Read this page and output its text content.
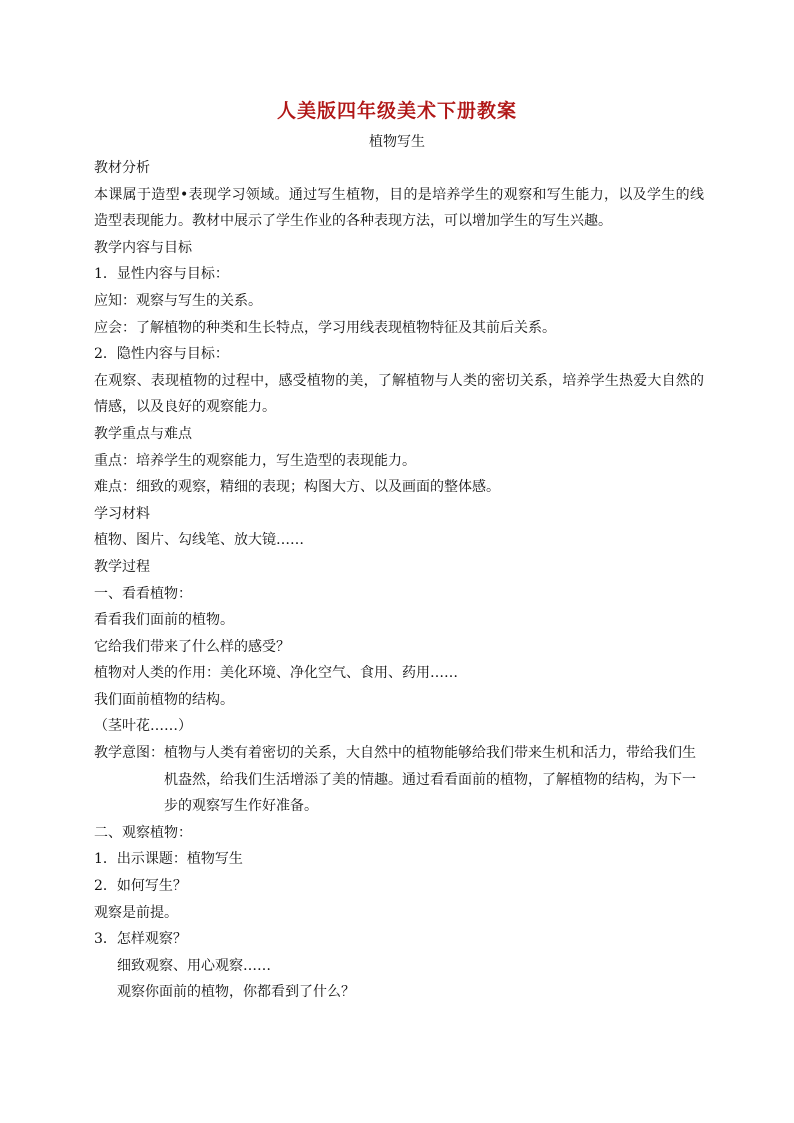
人美版四年级美术下册教案
植物写生
教材分析
本课属于造型•表现学习领域。通过写生植物，目的是培养学生的观察和写生能力，以及学生的线造型表现能力。教材中展示了学生作业的各种表现方法，可以增加学生的写生兴趣。
教学内容与目标
1．显性内容与目标：
应知：观察与写生的关系。
应会：了解植物的种类和生长特点，学习用线表现植物特征及其前后关系。
2．隐性内容与目标：
在观察、表现植物的过程中，感受植物的美，了解植物与人类的密切关系，培养学生热爱大自然的情感，以及良好的观察能力。
教学重点与难点
重点：培养学生的观察能力，写生造型的表现能力。
难点：细致的观察，精细的表现；构图大方、以及画面的整体感。
学习材料
植物、图片、勾线笔、放大镜……
教学过程
一、看看植物：
看看我们面前的植物。
它给我们带来了什么样的感受？
植物对人类的作用：美化环境、净化空气、食用、药用……
我们面前植物的结构。
（茎叶花……）
教学意图： 植物与人类有着密切的关系，大自然中的植物能够给我们带来生机和活力，带给我们生机盎然，给我们生活增添了美的情趣。通过看看面前的植物，了解植物的结构，为下一步的观察写生作好准备。
二、观察植物：
1．出示课题：植物写生
2．如何写生？
观察是前提。
3．怎样观察？
细致观察、用心观察……
观察你面前的植物，你都看到了什么？
